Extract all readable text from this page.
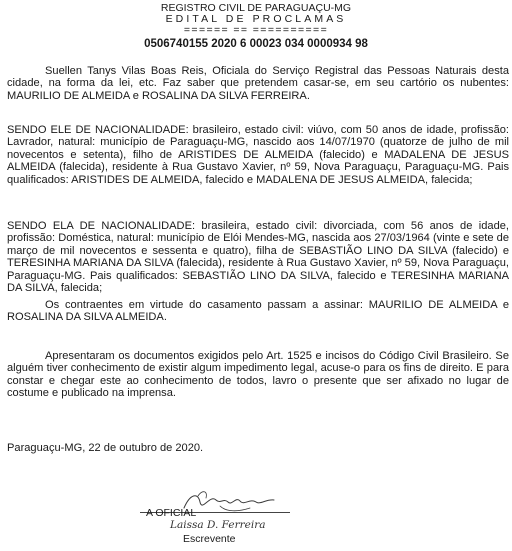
REGISTRO CIVIL DE PARAGUAÇU-MG
EDITAL DE PROCLAMAS
====== == ==========
0506740155 2020 6 00023 034 0000934 98

Suellen Tanys Vilas Boas Reis, Oficiala do Serviço Registral das Pessoas Naturais desta cidade, na forma da lei, etc. Faz saber que pretendem casar-se, em seu cartório os nubentes: MAURILIO DE ALMEIDA e ROSALINA DA SILVA FERREIRA.

SENDO ELE DE NACIONALIDADE: brasileiro, estado civil: viúvo, com 50 anos de idade, profissão: Lavrador, natural: município de Paraguaçu-MG, nascido aos 14/07/1970 (quatorze de julho de mil novecentos e setenta), filho de ARISTIDES DE ALMEIDA (falecido) e MADALENA DE JESUS ALMEIDA (falecida), residente à Rua Gustavo Xavier, nº 59, Nova Paraguaçu, Paraguaçu-MG. Pais qualificados: ARISTIDES DE ALMEIDA, falecido e MADALENA DE JESUS ALMEIDA, falecida;

SENDO ELA DE NACIONALIDADE: brasileira, estado civil: divorciada, com 56 anos de idade, profissão: Doméstica, natural: município de Elói Mendes-MG, nascida aos 27/03/1964 (vinte e sete de março de mil novecentos e sessenta e quatro), filha de SEBASTIÃO LINO DA SILVA (falecido) e TERESINHA MARIANA DA SILVA (falecida), residente à Rua Gustavo Xavier, nº 59, Nova Paraguaçu, Paraguaçu-MG. Pais qualificados: SEBASTIÃO LINO DA SILVA, falecido e TERESINHA MARIANA DA SILVA, falecida;

Os contraentes em virtude do casamento passam a assinar: MAURILIO DE ALMEIDA e ROSALINA DA SILVA ALMEIDA.

Apresentaram os documentos exigidos pelo Art. 1525 e incisos do Código Civil Brasileiro. Se alguém tiver conhecimento de existir algum impedimento legal, acuse-o para os fins de direito. E para constar e chegar este ao conhecimento de todos, lavro o presente que ser afixado no lugar de costume e publicado na imprensa.

Paraguaçu-MG, 22 de outubro de 2020.

A OFICIAL
Laissa D. Ferreira
Escrevente
